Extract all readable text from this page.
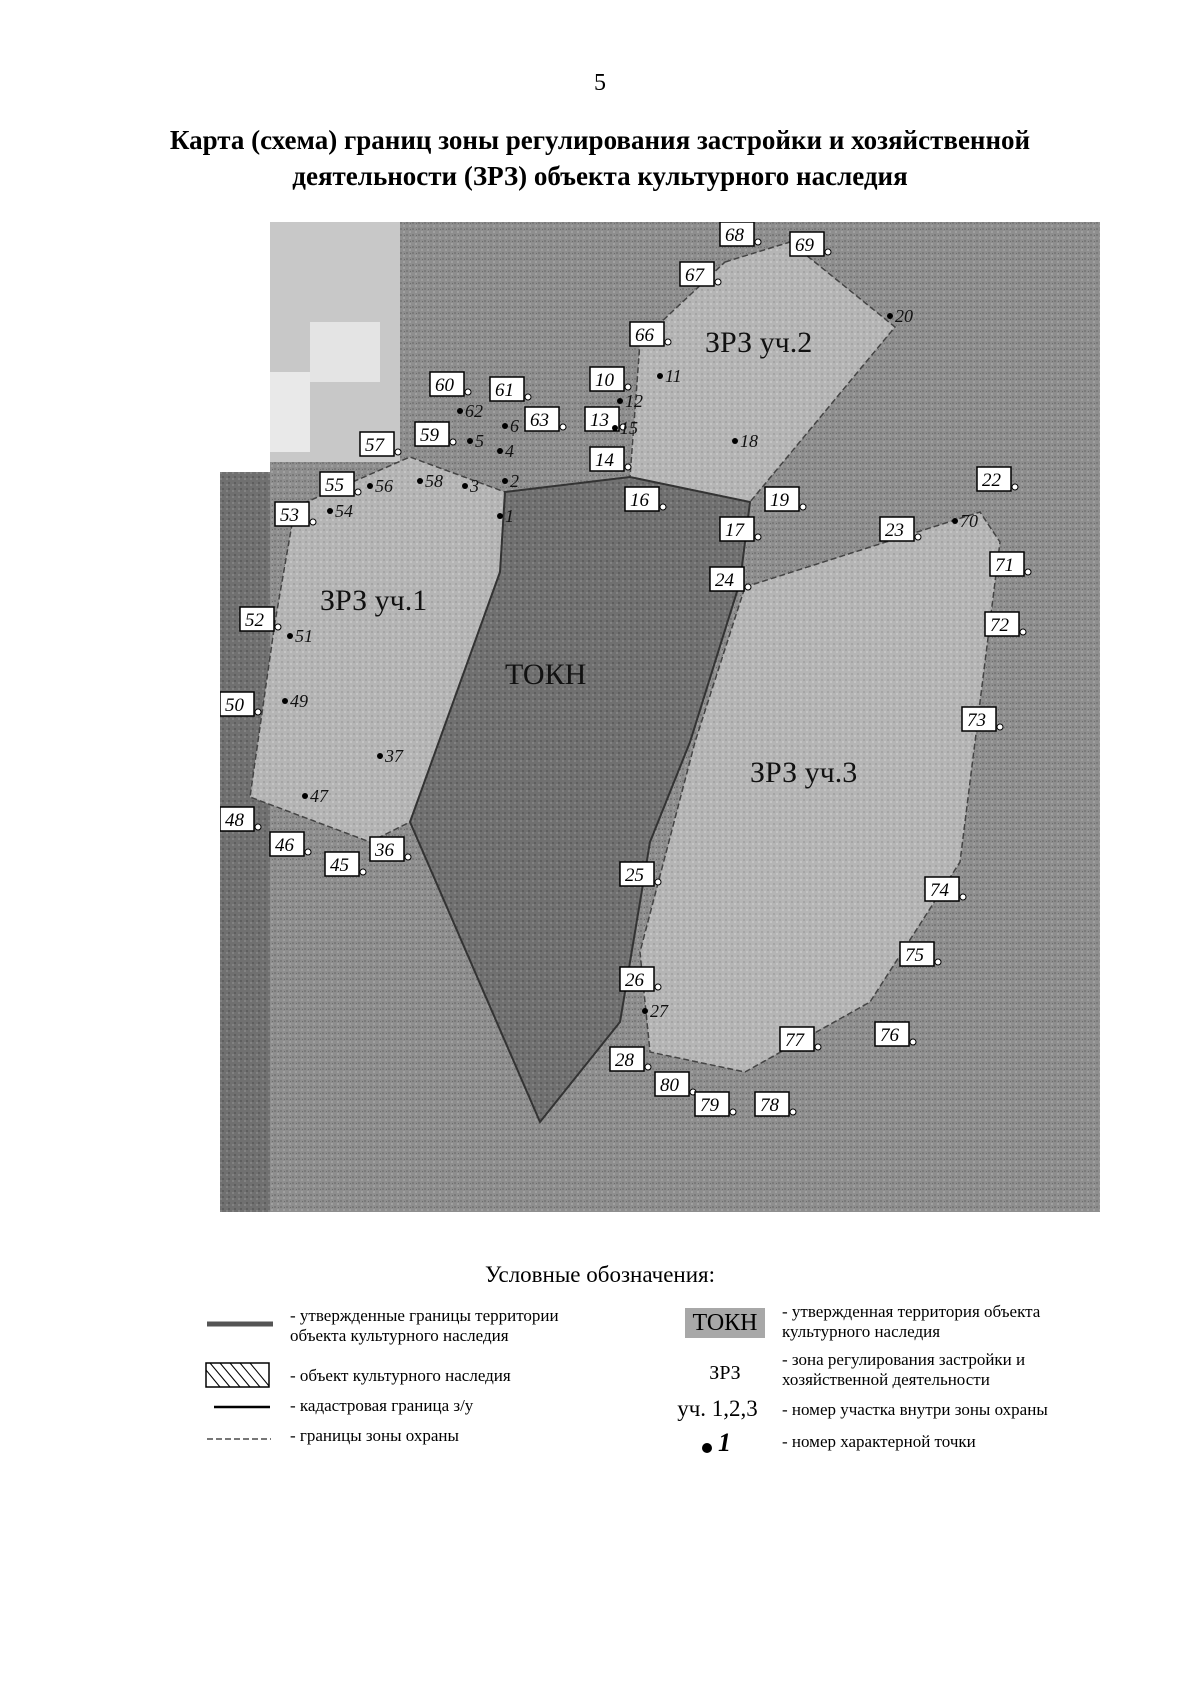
5
Карта (схема) границ зоны регулирования застройки и хозяйственной
деятельности (ЗРЗ) объекта культурного наследия
ЗРЗ уч.1
ЗРЗ уч.2
ЗРЗ уч.3
ТОКН
68	69
67
66
60 61	10
63 13
59
57
14
55
53
16
17
19
22
23
24
52
50
48
46
45
36
25
26
28
80
79 78
77	76
75
74
73
72
71
11
12
15
18
62
6
5 4
2
3
1
58
56
54
20
70
51
49
47
37
27
Условные обозначения:
- утвержденные границы территории
объекта культурного наследия
- объект культурного наследия
- кадастровая граница з/у
- границы зоны охраны
ТОКН	- утвержденная территория объекта
культурного наследия
ЗРЗ
- зона регулирования застройки и
хозяйственной деятельности
уч. 1,2,3	- номер участка внутри зоны охраны
1	- номер характерной точки
